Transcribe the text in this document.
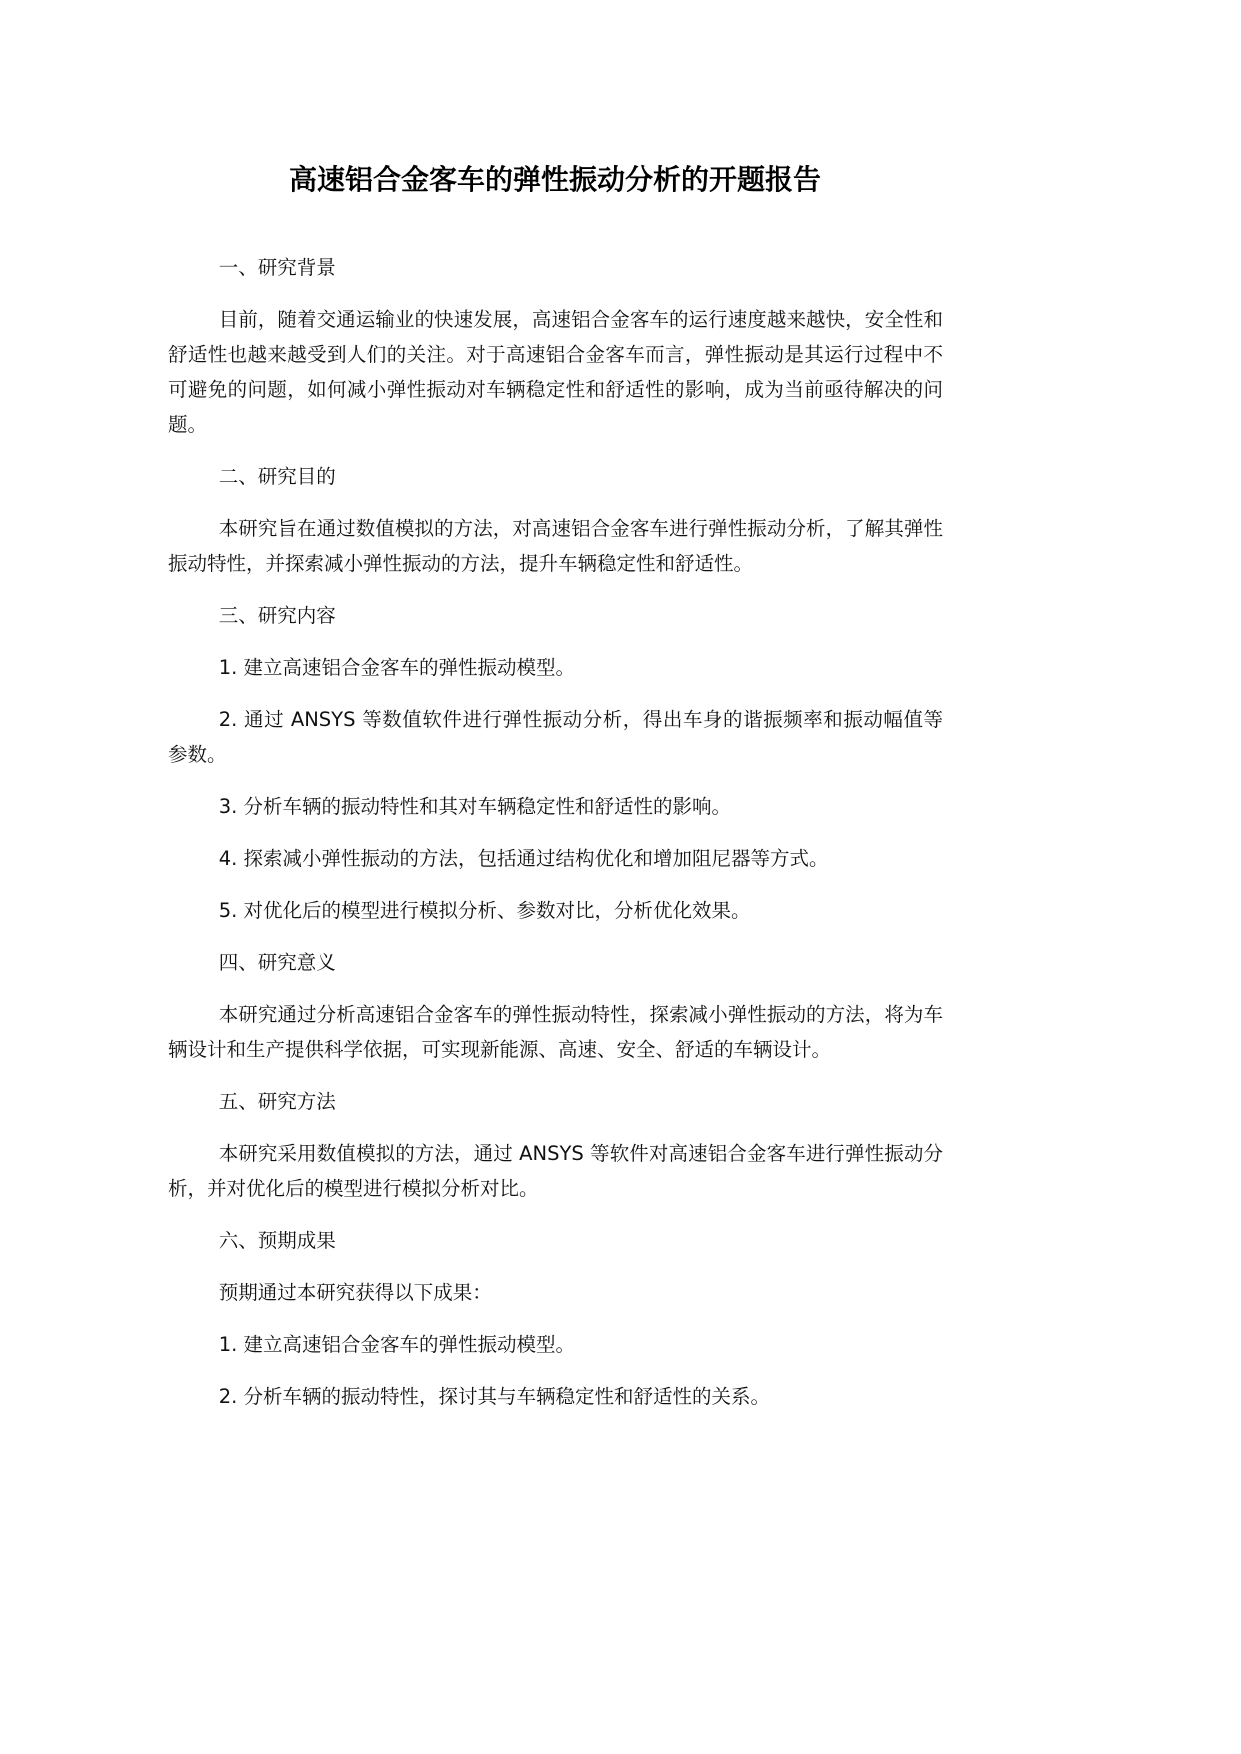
高速铝合金客车的弹性振动分析的开题报告

一、研究背景

目前，随着交通运输业的快速发展，高速铝合金客车的运行速度越来越快，安全性和舒适性也越来越受到人们的关注。对于高速铝合金客车而言，弹性振动是其运行过程中不可避免的问题，如何减小弹性振动对车辆稳定性和舒适性的影响，成为当前亟待解决的问题。

二、研究目的

本研究旨在通过数值模拟的方法，对高速铝合金客车进行弹性振动分析，了解其弹性振动特性，并探索减小弹性振动的方法，提升车辆稳定性和舒适性。

三、研究内容

1. 建立高速铝合金客车的弹性振动模型。

2. 通过 ANSYS 等数值软件进行弹性振动分析，得出车身的谐振频率和振动幅值等参数。

3. 分析车辆的振动特性和其对车辆稳定性和舒适性的影响。

4. 探索减小弹性振动的方法，包括通过结构优化和增加阻尼器等方式。

5. 对优化后的模型进行模拟分析、参数对比，分析优化效果。

四、研究意义

本研究通过分析高速铝合金客车的弹性振动特性，探索减小弹性振动的方法，将为车辆设计和生产提供科学依据，可实现新能源、高速、安全、舒适的车辆设计。

五、研究方法

本研究采用数值模拟的方法，通过 ANSYS 等软件对高速铝合金客车进行弹性振动分析，并对优化后的模型进行模拟分析对比。

六、预期成果

预期通过本研究获得以下成果：

1. 建立高速铝合金客车的弹性振动模型。

2. 分析车辆的振动特性，探讨其与车辆稳定性和舒适性的关系。
